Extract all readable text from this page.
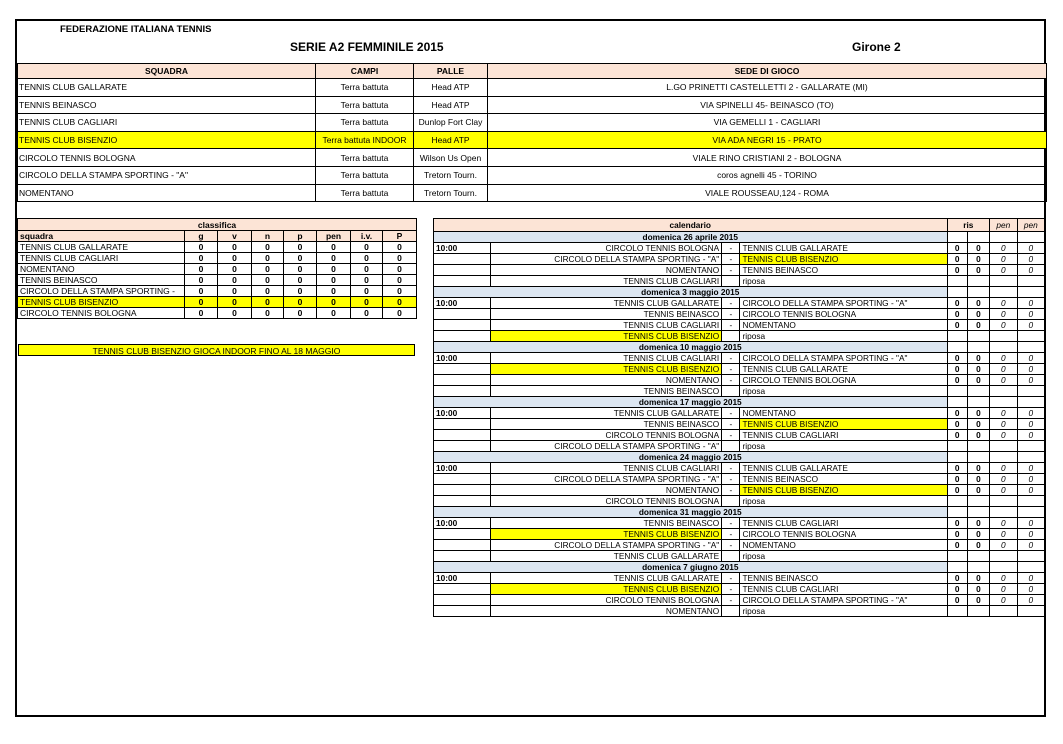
FEDERAZIONE ITALIANA TENNIS
SERIE A2 FEMMINILE 2015	Girone 2
SQUADRA	CAMPI	PALLE	SEDE DI GIOCO
TENNIS CLUB GALLARATE	Terra battuta	Head ATP	L.GO PRINETTI CASTELLETTI 2 - GALLARATE (MI)
TENNIS BEINASCO	Terra battuta	Head ATP	VIA SPINELLI 45- BEINASCO (TO)
TENNIS CLUB CAGLIARI	Terra battuta	Dunlop Fort Clay	VIA GEMELLI 1 - CAGLIARI
TENNIS CLUB BISENZIO	Terra battuta INDOOR	Head ATP	VIA ADA NEGRI 15 - PRATO
CIRCOLO TENNIS BOLOGNA	Terra battuta	Wilson Us Open	VIALE RINO CRISTIANI 2 - BOLOGNA
CIRCOLO DELLA STAMPA SPORTING - "A"	Terra battuta	Tretorn Tourn.	coros agnelli 45 - TORINO
NOMENTANO	Terra battuta	Tretorn Tourn.	VIALE ROUSSEAU,124 - ROMA
classifica							
squadra	g	v	n	p	pen	i.v.	P
TENNIS CLUB GALLARATE	0	0	0	0	0	0	0
TENNIS CLUB CAGLIARI	0	0	0	0	0	0	0
NOMENTANO	0	0	0	0	0	0	0
TENNIS BEINASCO	0	0	0	0	0	0	0
CIRCOLO DELLA STAMPA SPORTING -	0	0	0	0	0	0	0
TENNIS CLUB BISENZIO	0	0	0	0	0	0	0
CIRCOLO TENNIS BOLOGNA	0	0	0	0	0	0	0
TENNIS CLUB BISENZIO GIOCA INDOOR FINO AL 18 MAGGIO
calendario				ris		pen	pen
domenica 26 aprile 2015							
10:00	CIRCOLO TENNIS BOLOGNA	-	TENNIS CLUB GALLARATE	0	0	0	0
	CIRCOLO DELLA STAMPA SPORTING - "A"	-	TENNIS CLUB BISENZIO	0	0	0	0
	NOMENTANO	-	TENNIS BEINASCO	0	0	0	0
	TENNIS CLUB CAGLIARI		riposa				
domenica 3 maggio 2015							
10:00	TENNIS CLUB GALLARATE	-	CIRCOLO DELLA STAMPA SPORTING - "A"	0	0	0	0
	TENNIS BEINASCO	-	CIRCOLO TENNIS BOLOGNA	0	0	0	0
	TENNIS CLUB CAGLIARI	-	NOMENTANO	0	0	0	0
	TENNIS CLUB BISENZIO		riposa				
domenica 10 maggio 2015							
10:00	TENNIS CLUB CAGLIARI	-	CIRCOLO DELLA STAMPA SPORTING - "A"	0	0	0	0
	TENNIS CLUB BISENZIO	-	TENNIS CLUB GALLARATE	0	0	0	0
	NOMENTANO	-	CIRCOLO TENNIS BOLOGNA	0	0	0	0
	TENNIS BEINASCO		riposa				
domenica 17 maggio 2015							
10:00	TENNIS CLUB GALLARATE	-	NOMENTANO	0	0	0	0
	TENNIS BEINASCO	-	TENNIS CLUB BISENZIO	0	0	0	0
	CIRCOLO TENNIS BOLOGNA	-	TENNIS CLUB CAGLIARI	0	0	0	0
	CIRCOLO DELLA STAMPA SPORTING - "A"		riposa				
domenica 24 maggio 2015							
10:00	TENNIS CLUB CAGLIARI	-	TENNIS CLUB GALLARATE	0	0	0	0
	CIRCOLO DELLA STAMPA SPORTING - "A"	-	TENNIS BEINASCO	0	0	0	0
	NOMENTANO	-	TENNIS CLUB BISENZIO	0	0	0	0
	CIRCOLO TENNIS BOLOGNA		riposa				
domenica 31 maggio 2015							
10:00	TENNIS BEINASCO	-	TENNIS CLUB CAGLIARI	0	0	0	0
	TENNIS CLUB BISENZIO	-	CIRCOLO TENNIS BOLOGNA	0	0	0	0
	CIRCOLO DELLA STAMPA SPORTING - "A"	-	NOMENTANO	0	0	0	0
	TENNIS CLUB GALLARATE		riposa				
domenica 7 giugno 2015							
10:00	TENNIS CLUB GALLARATE	-	TENNIS BEINASCO	0	0	0	0
	TENNIS CLUB BISENZIO	-	TENNIS CLUB CAGLIARI	0	0	0	0
	CIRCOLO TENNIS BOLOGNA	-	CIRCOLO DELLA STAMPA SPORTING - "A"	0	0	0	0
	NOMENTANO		riposa				
